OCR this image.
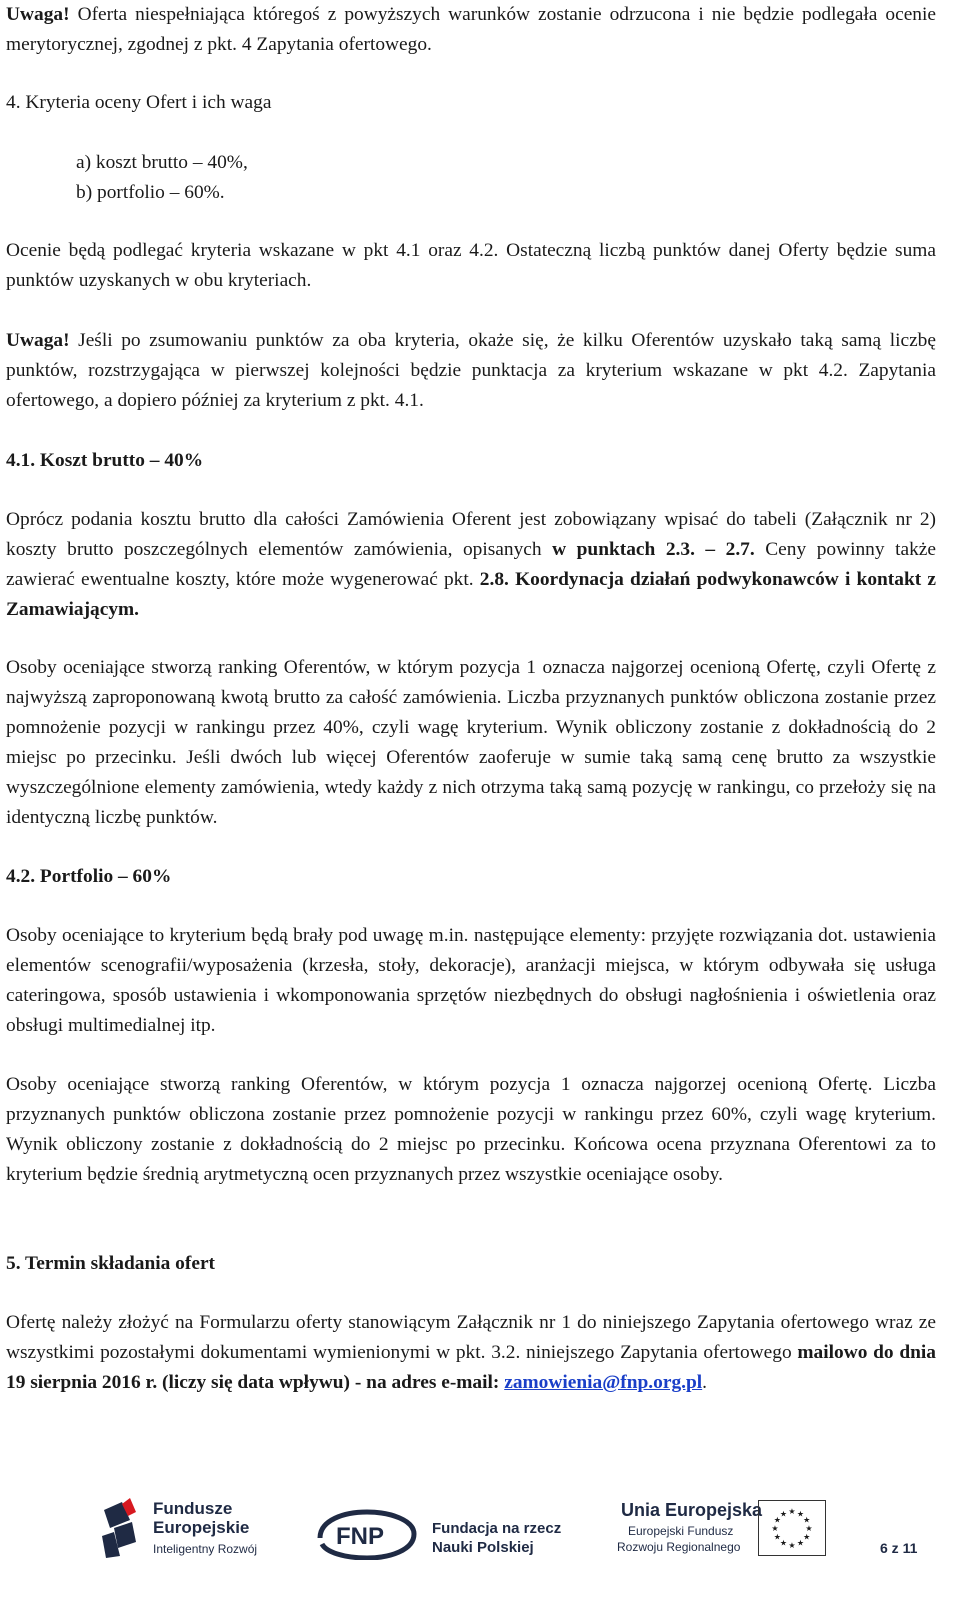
Uwaga! Oferta niespełniająca któregoś z powyższych warunków zostanie odrzucona i nie będzie podlegała ocenie merytorycznej, zgodnej z pkt. 4 Zapytania ofertowego.

4. Kryteria oceny Ofert i ich waga

a) koszt brutto – 40%,

b) portfolio – 60%.

Ocenie będą podlegać kryteria wskazane w pkt 4.1 oraz 4.2. Ostateczną liczbą punktów danej Oferty będzie suma punktów uzyskanych w obu kryteriach.

Uwaga! Jeśli po zsumowaniu punktów za oba kryteria, okaże się, że kilku Oferentów uzyskało taką samą liczbę punktów, rozstrzygająca w pierwszej kolejności będzie punktacja za kryterium wskazane w pkt 4.2. Zapytania ofertowego, a dopiero później za kryterium z pkt. 4.1.

4.1. Koszt brutto – 40%

Oprócz podania kosztu brutto dla całości Zamówienia Oferent jest zobowiązany wpisać do tabeli (Załącznik nr 2) koszty brutto poszczególnych elementów zamówienia, opisanych w punktach 2.3. – 2.7. Ceny powinny także zawierać ewentualne koszty, które może wygenerować pkt. 2.8. Koordynacja działań podwykonawców i kontakt z Zamawiającym.

Osoby oceniające stworzą ranking Oferentów, w którym pozycja 1 oznacza najgorzej ocenioną Ofertę, czyli Ofertę z najwyższą zaproponowaną kwotą brutto za całość zamówienia. Liczba przyznanych punktów obliczona zostanie przez pomnożenie pozycji w rankingu przez 40%, czyli wagę kryterium. Wynik obliczony zostanie z dokładnością do 2 miejsc po przecinku. Jeśli dwóch lub więcej Oferentów zaoferuje w sumie taką samą cenę brutto za wszystkie wyszczególnione elementy zamówienia, wtedy każdy z nich otrzyma taką samą pozycję w rankingu, co przełoży się na identyczną liczbę punktów.

4.2. Portfolio – 60%

Osoby oceniające to kryterium będą brały pod uwagę m.in. następujące elementy: przyjęte rozwiązania dot. ustawienia elementów scenografii/wyposażenia (krzesła, stoły, dekoracje), aranżacji miejsca, w którym odbywała się usługa cateringowa, sposób ustawienia i wkomponowania sprzętów niezbędnych do obsługi nagłośnienia i oświetlenia oraz obsługi multimedialnej itp.

Osoby oceniające stworzą ranking Oferentów, w którym pozycja 1 oznacza najgorzej ocenioną Ofertę. Liczba przyznanych punktów obliczona zostanie przez pomnożenie pozycji w rankingu przez 60%, czyli wagę kryterium. Wynik obliczony zostanie z dokładnością do 2 miejsc po przecinku. Końcowa ocena przyznana Oferentowi za to kryterium będzie średnią arytmetyczną ocen przyznanych przez wszystkie oceniające osoby.

5. Termin składania ofert

Ofertę należy złożyć na Formularzu oferty stanowiącym Załącznik nr 1 do niniejszego Zapytania ofertowego wraz ze wszystkimi pozostałymi dokumentami wymienionymi w pkt. 3.2. niniejszego Zapytania ofertowego mailowo do dnia 19 sierpnia 2016 r. (liczy się data wpływu) - na adres e-mail: zamowienia@fnp.org.pl.

Fundusze
Europejskie
Inteligentny Rozwój	FNP	Fundacja na rzecz
Nauki Polskiej
Unia Europejska
Europejski Fundusz
Rozwoju Regionalnego
★ ★
★
★
★
★
★
★
★
★
★
★
6 z 11
